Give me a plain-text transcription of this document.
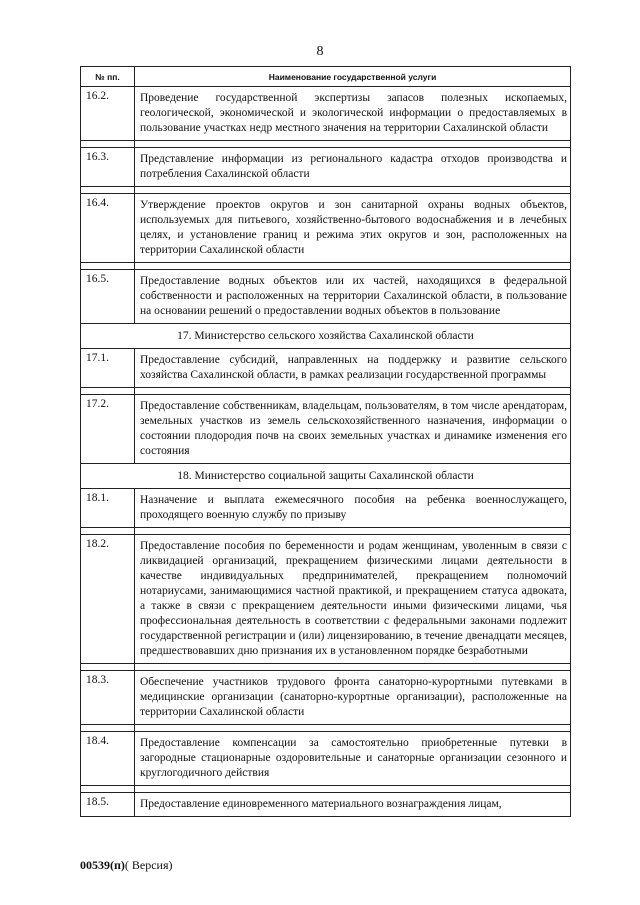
8
№ пп.	Наименование государственной услуги
16.2.	Проведение государственной экспертизы запасов полезных ископаемых, геологической, экономической и экологической информации о предоставляемых в пользование участках недр местного значения на территории Сахалинской области

16.3.	Представление информации из регионального кадастра отходов производства и потребления Сахалинской области

16.4.	Утверждение проектов округов и зон санитарной охраны водных объектов, используемых для питьевого, хозяйственно-бытового водоснабжения и в лечебных целях, и установление границ и режима этих округов и зон, расположенных на территории Сахалинской области

16.5.	Предоставление водных объектов или их частей, находящихся в федеральной собственности и расположенных на территории Сахалинской области, в пользование на основании решений о предоставлении водных объектов в пользование
17. Министерство сельского хозяйства Сахалинской области	
17.1.	Предоставление субсидий, направленных на поддержку и развитие сельского хозяйства Сахалинской области, в рамках реализации государственной программы

17.2.	Предоставление собственникам, владельцам, пользователям, в том числе арендаторам, земельных участков из земель сельскохозяйственного назначения, информации о состоянии плодородия почв на своих земельных участках и динамике изменения его состояния
18. Министерство социальной защиты Сахалинской области	
18.1.	Назначение и выплата ежемесячного пособия на ребенка военнослужащего, проходящего военную службу по призыву

18.2.	Предоставление пособия по беременности и родам женщинам, уволенным в связи с ликвидацией организаций, прекращением физическими лицами деятельности в качестве индивидуальных предпринимателей, прекращением полномочий нотариусами, занимающимися частной практикой, и прекращением статуса адвоката, а также в связи с прекращением деятельности иными физическими лицами, чья профессиональная деятельность в соответствии с федеральными законами подлежит государственной регистрации и (или) лицензированию, в течение двенадцати месяцев, предшествовавших дню признания их в установленном порядке безработными

18.3.	Обеспечение участников трудового фронта санаторно-курортными путевками в медицинские организации (санаторно-курортные организации), расположенные на территории Сахалинской области

18.4.	Предоставление компенсации за самостоятельно приобретенные путевки в загородные стационарные оздоровительные и санаторные организации сезонного и круглогодичного действия

18.5.	Предоставление единовременного материального вознаграждения лицам,
00539(п)( Версия)
